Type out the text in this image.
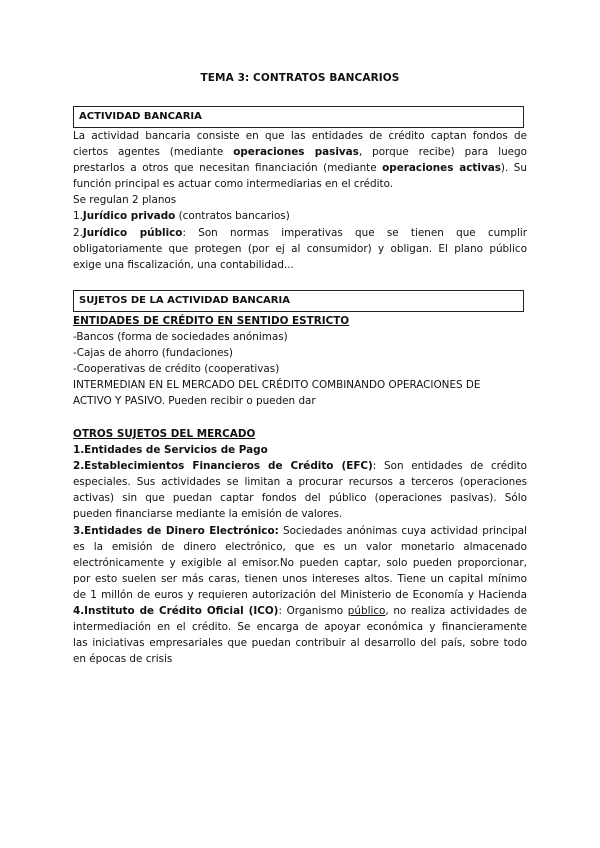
TEMA 3: CONTRATOS BANCARIOS
ACTIVIDAD BANCARIA
La actividad bancaria consiste en que las entidades de crédito captan fondos de
ciertos agentes (mediante operaciones pasivas, porque recibe) para luego
prestarlos a otros que necesitan financiación (mediante operaciones activas). Su
función principal es actuar como intermediarias en el crédito.
Se regulan 2 planos
1.Jurídico privado (contratos bancarios)
2.Jurídico público: Son normas imperativas que se tienen que cumplir
obligatoriamente que protegen (por ej al consumidor) y obligan. El plano público
exige una fiscalización, una contabilidad...
SUJETOS DE LA ACTIVIDAD BANCARIA
ENTIDADES DE CRÉDITO EN SENTIDO ESTRICTO
-Bancos (forma de sociedades anónimas)
-Cajas de ahorro (fundaciones)
-Cooperativas de crédito (cooperativas)
INTERMEDIAN EN EL MERCADO DEL CRÉDITO COMBINANDO OPERACIONES DE
ACTIVO Y PASIVO. Pueden recibir o pueden dar
OTROS SUJETOS DEL MERCADO
1.Entidades de Servicios de Pago
2.Establecimientos Financieros de Crédito (EFC): Son entidades de crédito
especiales. Sus actividades se limitan a procurar recursos a terceros (operaciones
activas) sin que puedan captar fondos del público (operaciones pasivas). Sólo
pueden financiarse mediante la emisión de valores.
3.Entidades de Dinero Electrónico: Sociedades anónimas cuya actividad principal
es la emisión de dinero electrónico, que es un valor monetario almacenado
electrónicamente y exigible al emisor.No pueden captar, solo pueden proporcionar,
por esto suelen ser más caras, tienen unos intereses altos. Tiene un capital mínimo
de 1 millón de euros y requieren autorización del Ministerio de Economía y Hacienda
4.Instituto de Crédito Oficial (ICO): Organismo público, no realiza actividades de
intermediación en el crédito. Se encarga de apoyar económica y financieramente
las iniciativas empresariales que puedan contribuir al desarrollo del país, sobre todo
en épocas de crisis
